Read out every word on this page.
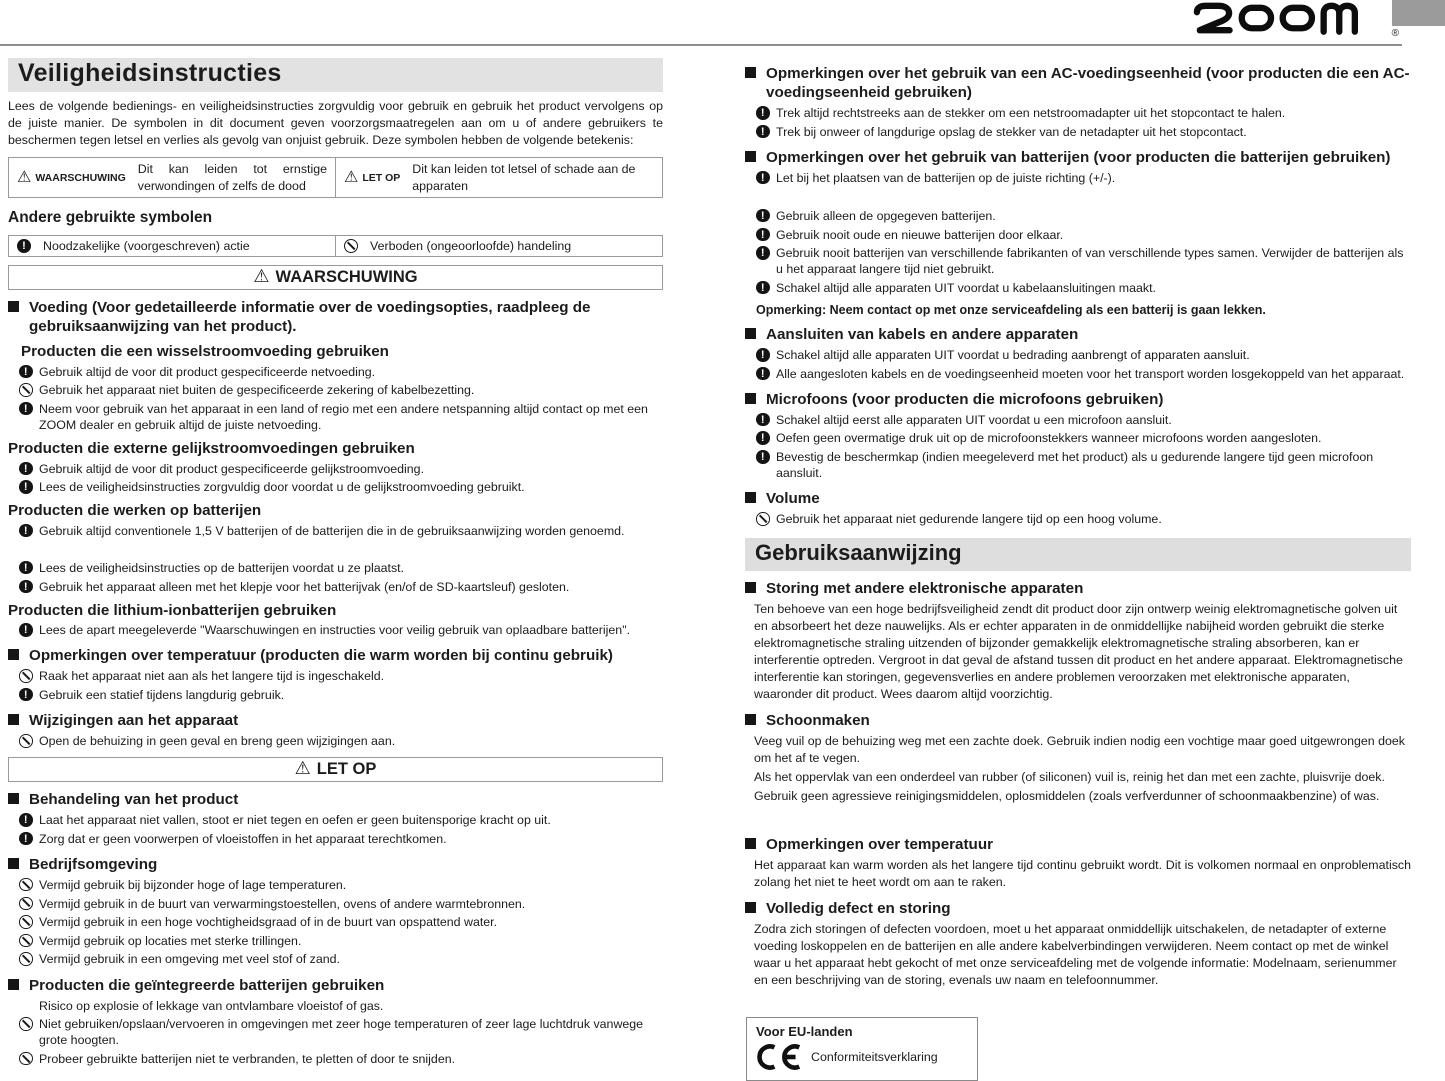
®
Veiligheidsinstructies

Lees de volgende bedienings- en veiligheidsinstructies zorgvuldig voor gebruik en gebruik het product vervolgens op de juiste manier. De symbolen in dit document geven voorzorgsmaatregelen aan om u of andere gebruikers te beschermen tegen letsel en verlies als gevolg van onjuist gebruik. Deze symbolen hebben de volgende betekenis:

⚠
WAARSCHUWING
Dit kan leiden tot ernstige verwondingen of zelfs de dood

⚠
LET OP
Dit kan leiden tot letsel of schade aan de apparaten
Andere gebruikte symbolen
!
Noodzakelijke (voorgeschreven) actie	Verboden (ongeoorloofde) handeling
⚠ WAARSCHUWING
Voeding (Voor gedetailleerde informatie over de voedingsopties, raadpleeg de gebruiksaanwijzing van het product).
Producten die een wisselstroomvoeding gebruiken
!
Gebruik altijd de voor dit product gespecificeerde netvoeding.
Gebruik het apparaat niet buiten de gespecificeerde zekering of kabelbezetting.
!
Neem voor gebruik van het apparaat in een land of regio met een andere netspanning altijd contact op met een ZOOM dealer en gebruik altijd de juiste netvoeding.
Producten die externe gelijkstroomvoedingen gebruiken
!
Gebruik altijd de voor dit product gespecificeerde gelijkstroomvoeding.
!
Lees de veiligheidsinstructies zorgvuldig door voordat u de gelijkstroomvoeding gebruikt.
Producten die werken op batterijen
!
Gebruik altijd conventionele 1,5 V batterijen of de batterijen die in de gebruiksaanwijzing worden genoemd.
!
Lees de veiligheidsinstructies op de batterijen voordat u ze plaatst.
!
Gebruik het apparaat alleen met het klepje voor het batterijvak (en/of de SD-kaartsleuf) gesloten.
Producten die lithium-ionbatterijen gebruiken
!
Lees de apart meegeleverde "Waarschuwingen en instructies voor veilig gebruik van oplaadbare batterijen".
Opmerkingen over temperatuur (producten die warm worden bij continu gebruik)
Raak het apparaat niet aan als het langere tijd is ingeschakeld.
!
Gebruik een statief tijdens langdurig gebruik.
Wijzigingen aan het apparaat
Open de behuizing in geen geval en breng geen wijzigingen aan.
⚠ LET OP
Behandeling van het product
!
Laat het apparaat niet vallen, stoot er niet tegen en oefen er geen buitensporige kracht op uit.
!
Zorg dat er geen voorwerpen of vloeistoffen in het apparaat terechtkomen.
Bedrijfsomgeving
Vermijd gebruik bij bijzonder hoge of lage temperaturen.
Vermijd gebruik in de buurt van verwarmingstoestellen, ovens of andere warmtebronnen.
Vermijd gebruik in een hoge vochtigheidsgraad of in de buurt van opspattend water.
Vermijd gebruik op locaties met sterke trillingen.
Vermijd gebruik in een omgeving met veel stof of zand.
Producten die geïntegreerde batterijen gebruiken
Risico op explosie of lekkage van ontvlambare vloeistof of gas.
Niet gebruiken/opslaan/vervoeren in omgevingen met zeer hoge temperaturen of zeer lage luchtdruk vanwege grote hoogten.
Probeer gebruikte batterijen niet te verbranden, te pletten of door te snijden.
Opmerkingen over het gebruik van een AC-voedingseenheid (voor producten die een AC-voedingseenheid gebruiken)
!
Trek altijd rechtstreeks aan de stekker om een netstroomadapter uit het stopcontact te halen.
!
Trek bij onweer of langdurige opslag de stekker van de netadapter uit het stopcontact.
Opmerkingen over het gebruik van batterijen (voor producten die batterijen gebruiken)
!
Let bij het plaatsen van de batterijen op de juiste richting (+/-).
!
Gebruik alleen de opgegeven batterijen.
!
Gebruik nooit oude en nieuwe batterijen door elkaar.
!
Gebruik nooit batterijen van verschillende fabrikanten of van verschillende types samen. Verwijder de batterijen als u het apparaat langere tijd niet gebruikt.
!
Schakel altijd alle apparaten UIT voordat u kabelaansluitingen maakt.
Opmerking: Neem contact op met onze serviceafdeling als een batterij is gaan lekken.
Aansluiten van kabels en andere apparaten
!
Schakel altijd alle apparaten UIT voordat u bedrading aanbrengt of apparaten aansluit.
!
Alle aangesloten kabels en de voedingseenheid moeten voor het transport worden losgekoppeld van het apparaat.
Microfoons (voor producten die microfoons gebruiken)
!
Schakel altijd eerst alle apparaten UIT voordat u een microfoon aansluit.
!
Oefen geen overmatige druk uit op de microfoonstekkers wanneer microfoons worden aangesloten.
!
Bevestig de beschermkap (indien meegeleverd met het product) als u gedurende langere tijd geen microfoon aansluit.
Volume
Gebruik het apparaat niet gedurende langere tijd op een hoog volume.
Gebruiksaanwijzing
Storing met andere elektronische apparaten

Ten behoeve van een hoge bedrijfsveiligheid zendt dit product door zijn ontwerp weinig elektromagnetische golven uit en absorbeert het deze nauwelijks. Als er echter apparaten in de onmiddellijke nabijheid worden gebruikt die sterke elektromagnetische straling uitzenden of bijzonder gemakkelijk elektromagnetische straling absorberen, kan er interferentie optreden. Vergroot in dat geval de afstand tussen dit product en het andere apparaat. Elektromagnetische interferentie kan storingen, gegevensverlies en andere problemen veroorzaken met elektronische apparaten, waaronder dit product. Wees daarom altijd voorzichtig.

Schoonmaken

Veeg vuil op de behuizing weg met een zachte doek. Gebruik indien nodig een vochtige maar goed uitgewrongen doek om het af te vegen.

Als het oppervlak van een onderdeel van rubber (of siliconen) vuil is, reinig het dan met een zachte, pluisvrije doek.

Gebruik geen agressieve reinigingsmiddelen, oplosmiddelen (zoals verfverdunner of schoonmaakbenzine) of was.

Opmerkingen over temperatuur

Het apparaat kan warm worden als het langere tijd continu gebruikt wordt. Dit is volkomen normaal en onproblematisch zolang het niet te heet wordt om aan te raken.

Volledig defect en storing

Zodra zich storingen of defecten voordoen, moet u het apparaat onmiddellijk uitschakelen, de netadapter of externe voeding loskoppelen en de batterijen en alle andere kabelverbindingen verwijderen. Neem contact op met de winkel waar u het apparaat hebt gekocht of met onze serviceafdeling met de volgende informatie: Modelnaam, serienummer en een beschrijving van de storing, evenals uw naam en telefoonnummer.

Voor EU-landen
Conformiteitsverklaring
